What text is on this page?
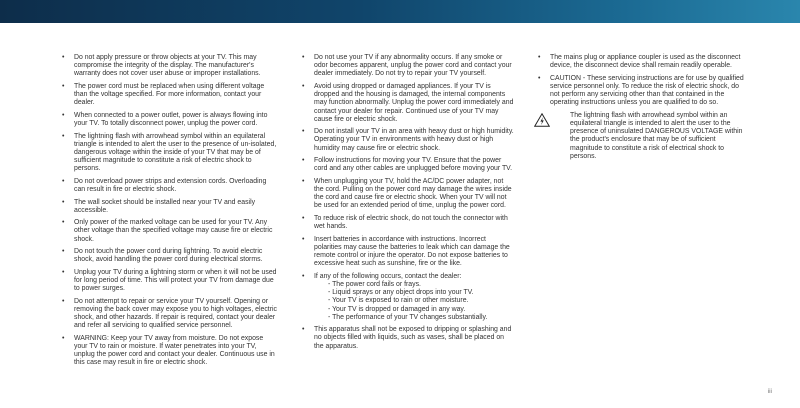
• Do not apply pressure or throw objects at your TV. This may compromise the integrity of the display. The manufacturer's warranty does not cover user abuse or improper installations.
• The power cord must be replaced when using different voltage than the voltage specified. For more information, contact your dealer.
• When connected to a power outlet, power is always flowing into your TV. To totally disconnect power, unplug the power cord.
• The lightning flash with arrowhead symbol within an equilateral triangle is intended to alert the user to the presence of un-isolated, dangerous voltage within the inside of your TV that may be of sufficient magnitude to constitute a risk of electric shock to persons.
• Do not overload power strips and extension cords. Overloading can result in fire or electric shock.
• The wall socket should be installed near your TV and easily accessible.
• Only power of the marked voltage can be used for your TV. Any other voltage than the specified voltage may cause fire or electric shock.
• Do not touch the power cord during lightning. To avoid electric shock, avoid handling the power cord during electrical storms.
• Unplug your TV during a lightning storm or when it will not be used for long period of time. This will protect your TV from damage due to power surges.
• Do not attempt to repair or service your TV yourself. Opening or removing the back cover may expose you to high voltages, electric shock, and other hazards. If repair is required, contact your dealer and refer all servicing to qualified service personnel.
• WARNING: Keep your TV away from moisture. Do not expose your TV to rain or moisture. If water penetrates into your TV, unplug the power cord and contact your dealer. Continuous use in this case may result in fire or electric shock.
• Do not use your TV if any abnormality occurs. If any smoke or odor becomes apparent, unplug the power cord and contact your dealer immediately. Do not try to repair your TV yourself.
• Avoid using dropped or damaged appliances. If your TV is dropped and the housing is damaged, the internal components may function abnormally. Unplug the power cord immediately and contact your dealer for repair. Continued use of your TV may cause fire or electric shock.
• Do not install your TV in an area with heavy dust or high humidity. Operating your TV in environments with heavy dust or high humidity may cause fire or electric shock.
• Follow instructions for moving your TV. Ensure that the power cord and any other cables are unplugged before moving your TV.
• When unplugging your TV, hold the AC/DC power adapter, not the cord. Pulling on the power cord may damage the wires inside the cord and cause fire or electric shock. When your TV will not be used for an extended period of time, unplug the power cord.
• To reduce risk of electric shock, do not touch the connector with wet hands.
• Insert batteries in accordance with instructions. Incorrect polarities may cause the batteries to leak which can damage the remote control or injure the operator. Do not expose batteries to excessive heat such as sunshine, fire or the like.
• If any of the following occurs, contact the dealer:
- The power cord fails or frays.
- Liquid sprays or any object drops into your TV.
- Your TV is exposed to rain or other moisture.
- Your TV is dropped or damaged in any way.
- The performance of your TV changes substantially.
• This apparatus shall not be exposed to dripping or splashing and no objects filled with liquids, such as vases, shall be placed on the apparatus.
• The mains plug or appliance coupler is used as the disconnect device, the disconnect device shall remain readily operable.
• CAUTION - These servicing instructions are for use by qualified service personnel only. To reduce the risk of electric shock, do not perform any servicing other than that contained in the operating instructions unless you are qualified to do so.
The lightning flash with arrowhead symbol within an equilateral triangle is intended to alert the user to the presence of uninsulated DANGEROUS VOLTAGE within the product's enclosure that may be of sufficient magnitude to constitute a risk of electrical shock to persons.
iii
